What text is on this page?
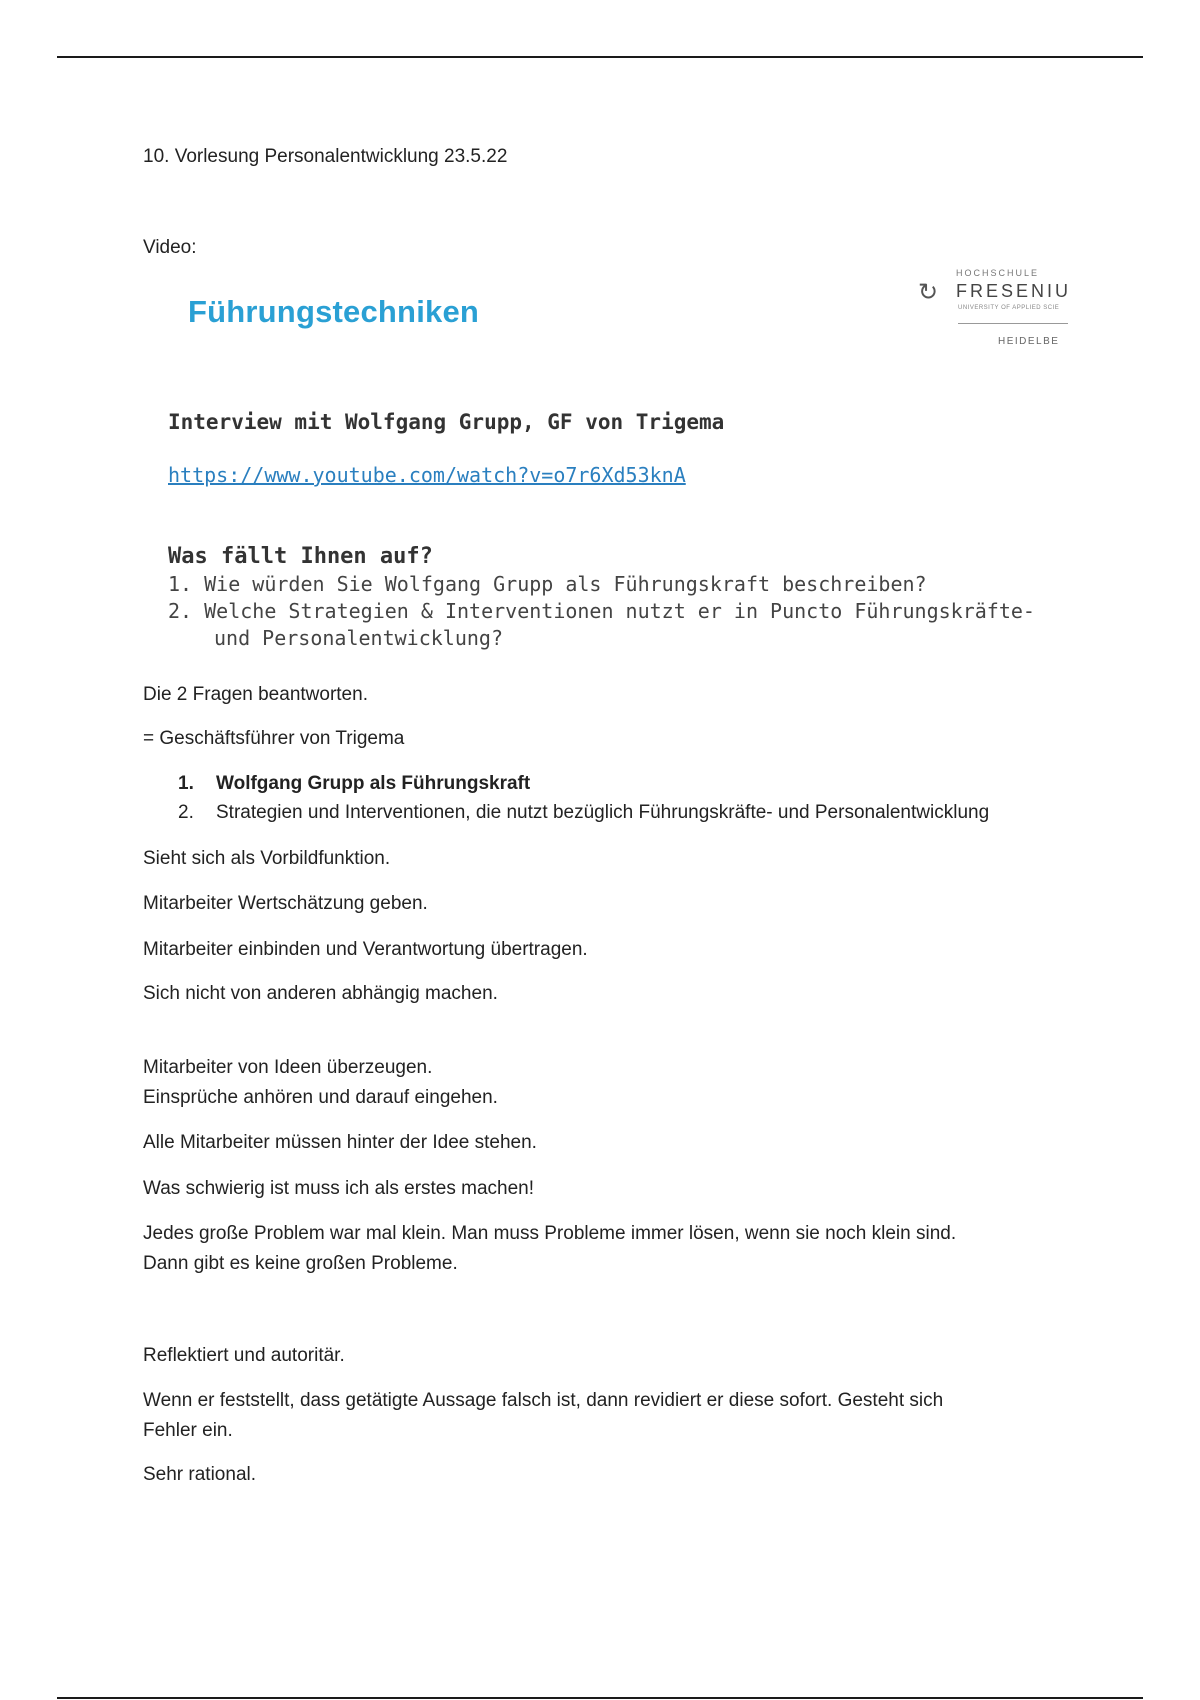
10. Vorlesung Personalentwicklung 23.5.22
Video:
Führungstechniken
↻
HOCHSCHULE
FRESENIU
UNIVERSITY OF APPLIED SCIE
HEIDELBE
Interview mit Wolfgang Grupp, GF von Trigema
https://www.youtube.com/watch?v=o7r6Xd53knA
Was fällt Ihnen auf?
1. Wie würden Sie Wolfgang Grupp als Führungskraft beschreiben?
2. Welche Strategien & Interventionen nutzt er in Puncto Führungskräfte-
und Personalentwicklung?
Die 2 Fragen beantworten.
= Geschäftsführer von Trigema
1. Wolfgang Grupp als Führungskraft
2. Strategien und Interventionen, die nutzt bezüglich Führungskräfte- und Personalentwicklung
Sieht sich als Vorbildfunktion.
Mitarbeiter Wertschätzung geben.
Mitarbeiter einbinden und Verantwortung übertragen.
Sich nicht von anderen abhängig machen.
Mitarbeiter von Ideen überzeugen.
Einsprüche anhören und darauf eingehen.
Alle Mitarbeiter müssen hinter der Idee stehen.
Was schwierig ist muss ich als erstes machen!
Jedes große Problem war mal klein. Man muss Probleme immer lösen, wenn sie noch klein sind.
Dann gibt es keine großen Probleme.
Reflektiert und autoritär.
Wenn er feststellt, dass getätigte Aussage falsch ist, dann revidiert er diese sofort. Gesteht sich
Fehler ein.
Sehr rational.
